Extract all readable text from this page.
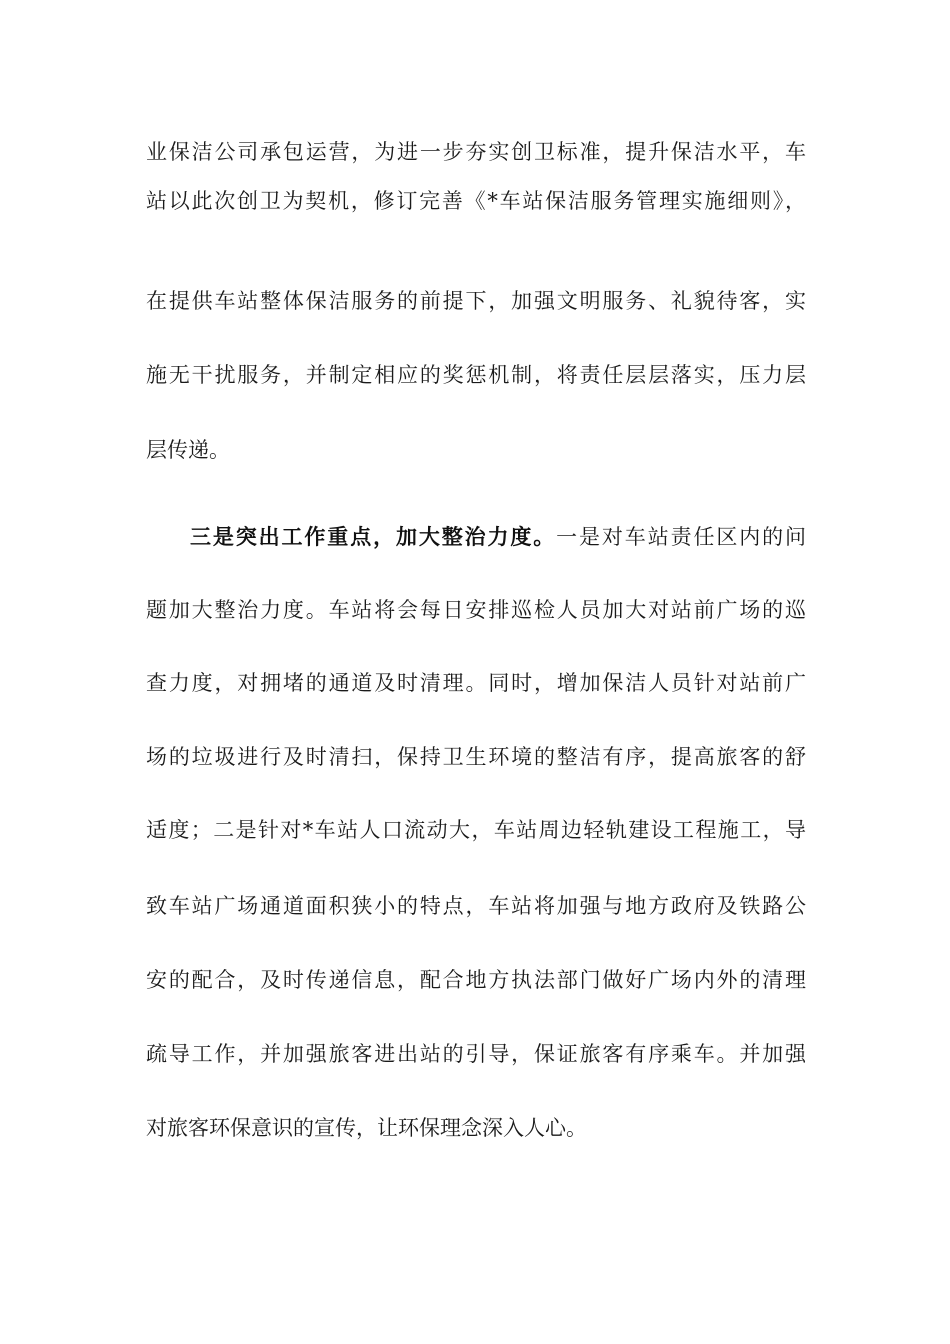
业保洁公司承包运营，为进一步夯实创卫标准，提升保洁水平，车
站以此次创卫为契机，修订完善《*车站保洁服务管理实施细则》，
在提供车站整体保洁服务的前提下，加强文明服务、礼貌待客，实
施无干扰服务，并制定相应的奖惩机制，将责任层层落实，压力层
层传递。
三是突出工作重点，加大整治力度。一是对车站责任区内的问
题加大整治力度。车站将会每日安排巡检人员加大对站前广场的巡
查力度，对拥堵的通道及时清理。同时，增加保洁人员针对站前广
场的垃圾进行及时清扫，保持卫生环境的整洁有序，提高旅客的舒
适度；二是针对*车站人口流动大，车站周边轻轨建设工程施工，导
致车站广场通道面积狭小的特点，车站将加强与地方政府及铁路公
安的配合，及时传递信息，配合地方执法部门做好广场内外的清理
疏导工作，并加强旅客进出站的引导，保证旅客有序乘车。并加强
对旅客环保意识的宣传，让环保理念深入人心。
